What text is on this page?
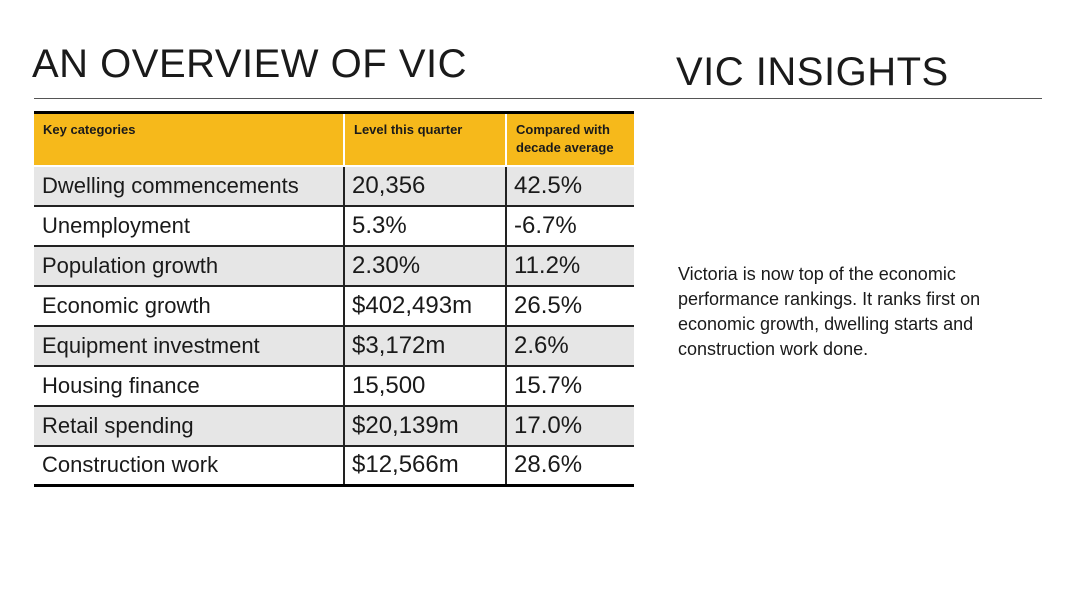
AN OVERVIEW OF VIC	VIC INSIGHTS
Key categories	Level this quarter	Compared with decade average
Dwelling commencements	20,356	42.5%
Unemployment	5.3%	-6.7%
Population growth	2.30%	11.2%
Economic growth	$402,493m	26.5%
Equipment investment	$3,172m	2.6%
Housing finance	15,500	15.7%
Retail spending	$20,139m	17.0%
Construction work	$12,566m	28.6%

Victoria is now top of the economic performance rankings. It ranks first on economic growth, dwelling starts and construction work done.
